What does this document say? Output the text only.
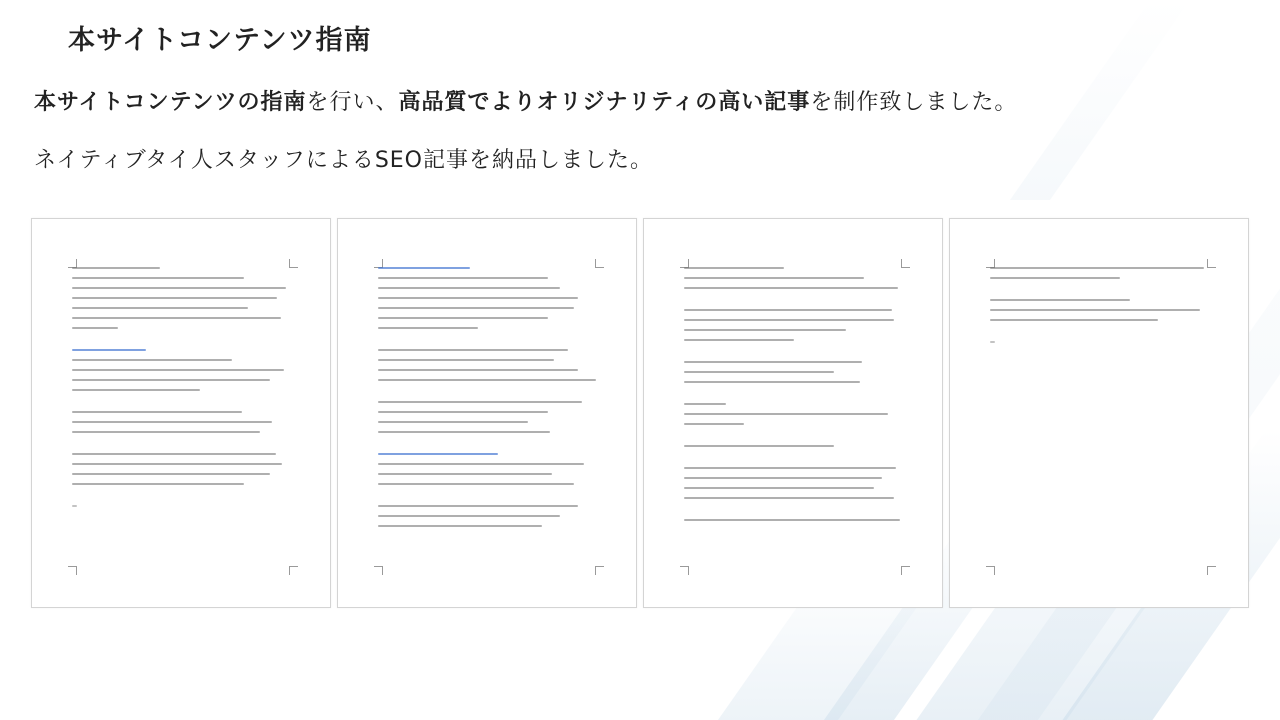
本サイトコンテンツ指南

本サイトコンテンツの指南を行い、高品質でよりオリジナリティの高い記事を制作致しました。

ネイティブタイ人スタッフによるSEO記事を納品しました。
